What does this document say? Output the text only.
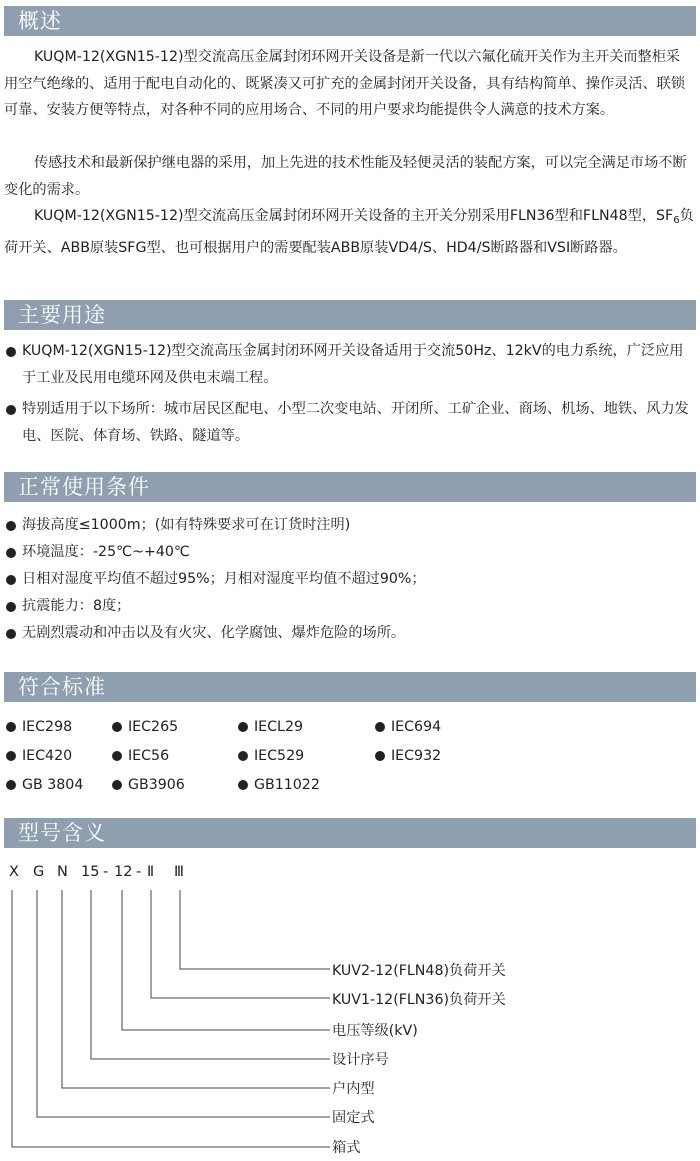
概述

KUQM-12(XGN15-12)型交流高压金属封闭环网开关设备是新一代以六氟化硫开关作为主开关而整柜采用空气绝缘的、适用于配电自动化的、既紧凑又可扩充的金属封闭开关设备，具有结构简单、操作灵活、联锁可靠、安装方便等特点，对各种不同的应用场合、不同的用户要求均能提供令人满意的技术方案。

传感技术和最新保护继电器的采用，加上先进的技术性能及轻便灵活的装配方案，可以完全满足市场不断变化的需求。

KUQM-12(XGN15-12)型交流高压金属封闭环网开关设备的主开关分别采用FLN36型和FLN48型，$SF_6$负荷开关、ABB原装SFG型、也可根据用户的需要配装ABB原装VD4/S、HD4/S断路器和VSI断路器。

主要用途
KUQM-12(XGN15-12)型交流高压金属封闭环网开关设备适用于交流50Hz、12kV的电力系统，广泛应用于工业及民用电缆环网及供电末端工程。
特别适用于以下场所：城市居民区配电、小型二次变电站、开闭所、工矿企业、商场、机场、地铁、风力发电、医院、体育场、铁路、隧道等。
正常使用条件
海拔高度≤1000m；(如有特殊要求可在订货时注明)
环境温度：-25℃~+40℃
日相对湿度平均值不超过95%；月相对湿度平均值不超过90%；
抗震能力：8度；
无剧烈震动和冲击以及有火灾、化学腐蚀、爆炸危险的场所。
符合标准
IEC298	IEC265	IECL29	IEC694
IEC420	IEC56	IEC529	IEC932
GB 3804	GB3906	GB11022
型号含义
X G N 15 - 12 - Ⅱ Ⅲ
KUV2-12(FLN48)负荷开关
KUV1-12(FLN36)负荷开关
电压等级(kV)
设计序号
户内型
固定式
箱式
